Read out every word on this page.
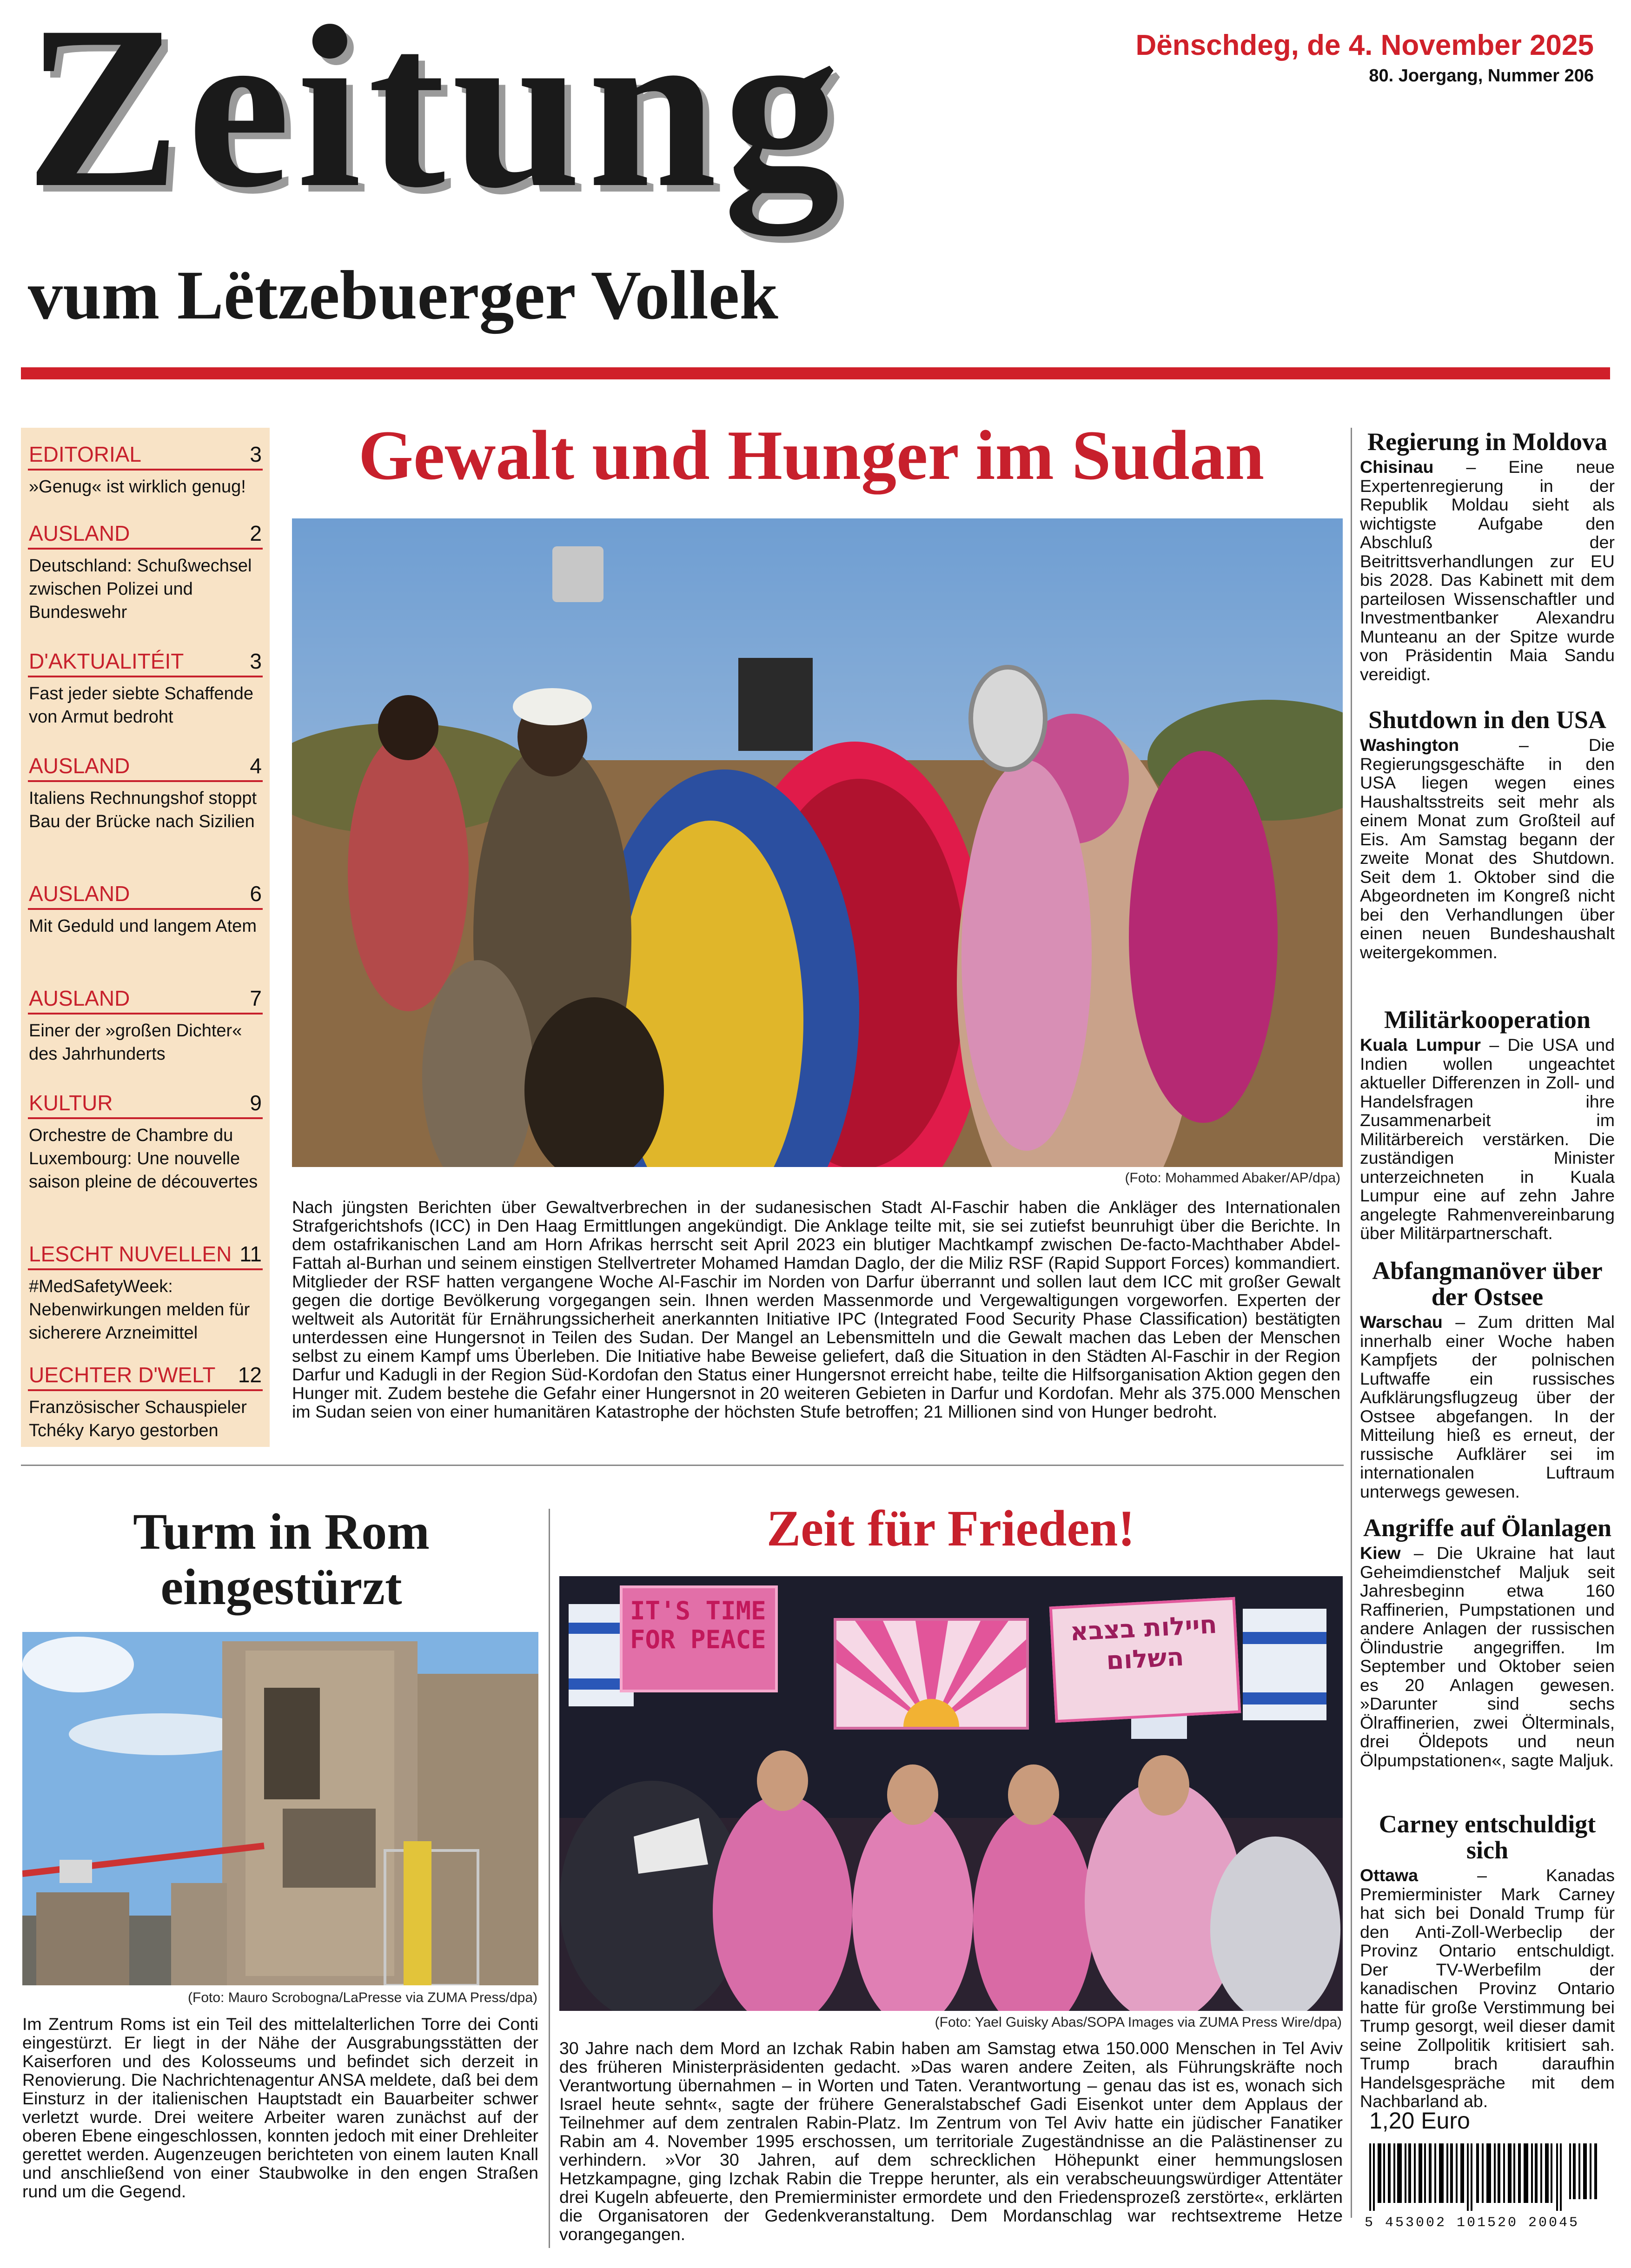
Zeitung
vum Lëtzebuerger Vollek
Dënschdeg, de 4. November 2025
80. Joergang, Nummer 206
EDITORIAL	3
»Genug« ist wirklich genug!
AUSLAND	2
Deutschland: Schußwechsel zwischen Polizei und Bundeswehr
D'AKTUALITÉIT	3
Fast jeder siebte Schaffende von Armut bedroht
AUSLAND	4
Italiens Rechnungshof stoppt Bau der Brücke nach Sizilien
AUSLAND	6
Mit Geduld und langem Atem
AUSLAND	7
Einer der »großen Dichter« des Jahrhunderts
KULTUR	9
Orchestre de Chambre du Luxembourg: Une nouvelle saison pleine de découvertes
LESCHT NUVELLEN 11
#MedSafetyWeek: Nebenwirkungen melden für sicherere Arzneimittel
UECHTER D'WELT 12
Französischer Schauspieler Tchéky Karyo gestorben
Gewalt und Hunger im Sudan
(Foto: Mohammed Abaker/AP/dpa)
Nach jüngsten Berichten über Gewaltverbrechen in der sudanesischen Stadt Al-Faschir haben die Ankläger des Internationalen Strafgerichtshofs (ICC) in Den Haag Ermittlungen angekündigt. Die Anklage teilte mit, sie sei zutiefst beunruhigt über die Berichte. In dem ostafrikanischen Land am Horn Afrikas herrscht seit April 2023 ein blutiger Machtkampf zwischen De-facto-Machthaber Abdel-Fattah al-Burhan und seinem einstigen Stellvertreter Mohamed Hamdan Daglo, der die Miliz RSF (Rapid Support Forces) kommandiert. Mitglieder der RSF hatten vergangene Woche Al-Faschir im Norden von Darfur überrannt und sollen laut dem ICC mit großer Gewalt gegen die dortige Bevölkerung vorgegangen sein. Ihnen werden Massenmorde und Vergewaltigungen vorgeworfen. Experten der weltweit als Autorität für Ernährungssicherheit anerkannten Initiative IPC (Integrated Food Security Phase Classification) bestätigten unterdessen eine Hungersnot in Teilen des Sudan. Der Mangel an Lebensmitteln und die Gewalt machen das Leben der Menschen selbst zu einem Kampf ums Überleben. Die Initiative habe Beweise geliefert, daß die Situation in den Städten Al-Faschir in der Region Darfur und Kadugli in der Region Süd-Kordofan den Status einer Hungersnot erreicht habe, teilte die Hilfsorganisation Aktion gegen den Hunger mit. Zudem bestehe die Gefahr einer Hungersnot in 20 weiteren Gebieten in Darfur und Kordofan. Mehr als 375.000 Menschen im Sudan seien von einer humanitären Katastrophe der höchsten Stufe betroffen; 21 Millionen sind von Hunger bedroht.
Regierung in Moldova
Chisinau – Eine neue Expertenregierung in der Republik Moldau sieht als wichtigste Aufgabe den Abschluß der Beitrittsverhandlungen zur EU bis 2028. Das Kabinett mit dem parteilosen Wissenschaftler und Investmentbanker Alexandru Munteanu an der Spitze wurde von Präsidentin Maia Sandu vereidigt.
Shutdown in den USA
Washington – Die Regierungsgeschäfte in den USA liegen wegen eines Haushaltsstreits seit mehr als einem Monat zum Großteil auf Eis. Am Samstag begann der zweite Monat des Shutdown. Seit dem 1. Oktober sind die Abgeordneten im Kongreß nicht bei den Verhandlungen über einen neuen Bundeshaushalt weitergekommen.
Militärkooperation
Kuala Lumpur – Die USA und Indien wollen ungeachtet aktueller Differenzen in Zoll- und Handelsfragen ihre Zusammenarbeit im Militärbereich verstärken. Die zuständigen Minister unterzeichneten in Kuala Lumpur eine auf zehn Jahre angelegte Rahmenvereinbarung über Militärpartnerschaft.
Abfangmanöver über der Ostsee
Warschau – Zum dritten Mal innerhalb einer Woche haben Kampfjets der polnischen Luftwaffe ein russisches Aufklärungsflugzeug über der Ostsee abgefangen. In der Mitteilung hieß es erneut, der russische Aufklärer sei im internationalen Luftraum unterwegs gewesen.
Angriffe auf Ölanlagen
Kiew – Die Ukraine hat laut Geheimdienstchef Maljuk seit Jahresbeginn etwa 160 Raffinerien, Pumpstationen und andere Anlagen der russischen Ölindustrie angegriffen. Im September und Oktober seien es 20 Anlagen gewesen. »Darunter sind sechs Ölraffinerien, zwei Ölterminals, drei Öldepots und neun Ölpumpstationen«, sagte Maljuk.
Carney entschuldigt sich
Ottawa – Kanadas Premierminister Mark Carney hat sich bei Donald Trump für den Anti-Zoll-Werbeclip der Provinz Ontario entschuldigt. Der TV-Werbefilm der kanadischen Provinz Ontario hatte für große Verstimmung bei Trump gesorgt, weil dieser damit seine Zollpolitik kritisiert sah. Trump brach daraufhin Handelsgespräche mit dem Nachbarland ab.
1,20 Euro
5 453002 101520 20045
Turm in Rom eingestürzt
(Foto: Mauro Scrobogna/LaPresse via ZUMA Press/dpa)
Im Zentrum Roms ist ein Teil des mittelalterlichen Torre dei Conti eingestürzt. Er liegt in der Nähe der Ausgrabungsstätten der Kaiserforen und des Kolosseums und befindet sich derzeit in Renovierung. Die Nachrichtenagentur ANSA meldete, daß bei dem Einsturz in der italienischen Hauptstadt ein Bauarbeiter schwer verletzt wurde. Drei weitere Arbeiter waren zunächst auf der oberen Ebene eingeschlossen, konnten jedoch mit einer Drehleiter gerettet werden. Augenzeugen berichteten von einem lauten Knall und anschließend von einer Staubwolke in den engen Straßen rund um die Gegend.
Zeit für Frieden!
IT'S TIME FOR PEACE	חיילות בצבא השלום
(Foto: Yael Guisky Abas/SOPA Images via ZUMA Press Wire/dpa)
30 Jahre nach dem Mord an Izchak Rabin haben am Samstag etwa 150.000 Menschen in Tel Aviv des früheren Ministerpräsidenten gedacht. »Das waren andere Zeiten, als Führungskräfte noch Verantwortung übernahmen – in Worten und Taten. Verantwortung – genau das ist es, wonach sich Israel heute sehnt«, sagte der frühere Generalstabschef Gadi Eisenkot unter dem Applaus der Teilnehmer auf dem zentralen Rabin-Platz. Im Zentrum von Tel Aviv hatte ein jüdischer Fanatiker Rabin am 4. November 1995 erschossen, um territoriale Zugeständnisse an die Palästinenser zu verhindern. »Vor 30 Jahren, auf dem schrecklichen Höhepunkt einer hemmungslosen Hetzkampagne, ging Izchak Rabin die Treppe herunter, als ein verabscheuungswürdiger Attentäter drei Kugeln abfeuerte, den Premierminister ermordete und den Friedensprozeß zerstörte«, erklärten die Organisatoren der Gedenkveranstaltung. Dem Mordanschlag war rechtsextreme Hetze vorangegangen.
